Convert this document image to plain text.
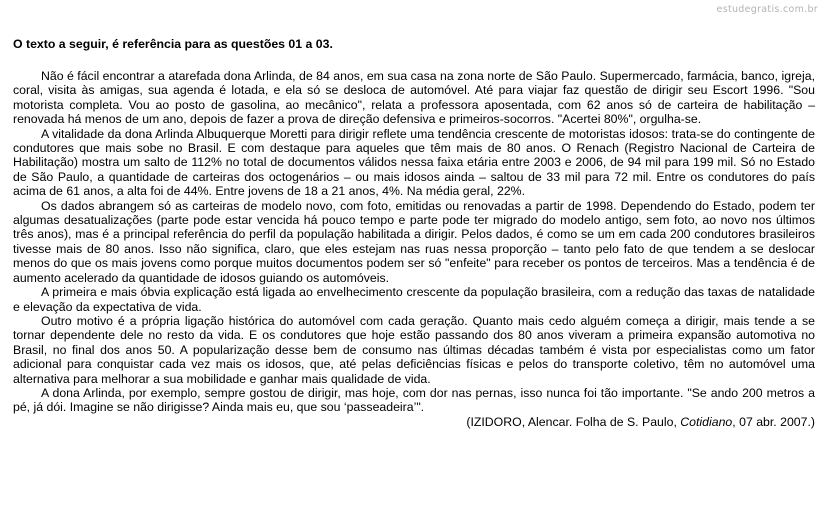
estudegratis.com.br

O texto a seguir, é referência para as questões 01 a 03.

Não é fácil encontrar a atarefada dona Arlinda, de 84 anos, em sua casa na zona norte de São Paulo. Supermercado, farmácia, banco, igreja, coral, visita às amigas, sua agenda é lotada, e ela só se desloca de automóvel. Até para viajar faz questão de dirigir seu Escort 1996. "Sou motorista completa. Vou ao posto de gasolina, ao mecânico", relata a professora aposentada, com 62 anos só de carteira de habilitação – renovada há menos de um ano, depois de fazer a prova de direção defensiva e primeiros-socorros. "Acertei 80%", orgulha-se.

A vitalidade da dona Arlinda Albuquerque Moretti para dirigir reflete uma tendência crescente de motoristas idosos: trata-se do contingente de condutores que mais sobe no Brasil. E com destaque para aqueles que têm mais de 80 anos. O Renach (Registro Nacional de Carteira de Habilitação) mostra um salto de 112% no total de documentos válidos nessa faixa etária entre 2003 e 2006, de 94 mil para 199 mil. Só no Estado de São Paulo, a quantidade de carteiras dos octogenários – ou mais idosos ainda – saltou de 33 mil para 72 mil. Entre os condutores do país acima de 61 anos, a alta foi de 44%. Entre jovens de 18 a 21 anos, 4%. Na média geral, 22%.

Os dados abrangem só as carteiras de modelo novo, com foto, emitidas ou renovadas a partir de 1998. Dependendo do Estado, podem ter algumas desatualizações (parte pode estar vencida há pouco tempo e parte pode ter migrado do modelo antigo, sem foto, ao novo nos últimos três anos), mas é a principal referência do perfil da população habilitada a dirigir. Pelos dados, é como se um em cada 200 condutores brasileiros tivesse mais de 80 anos. Isso não significa, claro, que eles estejam nas ruas nessa proporção – tanto pelo fato de que tendem a se deslocar menos do que os mais jovens como porque muitos documentos podem ser só "enfeite" para receber os pontos de terceiros. Mas a tendência é de aumento acelerado da quantidade de idosos guiando os automóveis.

A primeira e mais óbvia explicação está ligada ao envelhecimento crescente da população brasileira, com a redução das taxas de natalidade e elevação da expectativa de vida.

Outro motivo é a própria ligação histórica do automóvel com cada geração. Quanto mais cedo alguém começa a dirigir, mais tende a se tornar dependente dele no resto da vida. E os condutores que hoje estão passando dos 80 anos viveram a primeira expansão automotiva no Brasil, no final dos anos 50. A popularização desse bem de consumo nas últimas décadas também é vista por especialistas como um fator adicional para conquistar cada vez mais os idosos, que, até pelas deficiências físicas e pelos do transporte coletivo, têm no automóvel uma alternativa para melhorar a sua mobilidade e ganhar mais qualidade de vida.

A dona Arlinda, por exemplo, sempre gostou de dirigir, mas hoje, com dor nas pernas, isso nunca foi tão importante. "Se ando 200 metros a pé, já dói. Imagine se não dirigisse? Ainda mais eu, que sou ‘passeadeira’".

(IZIDORO, Alencar. Folha de S. Paulo, Cotidiano, 07 abr. 2007.)
